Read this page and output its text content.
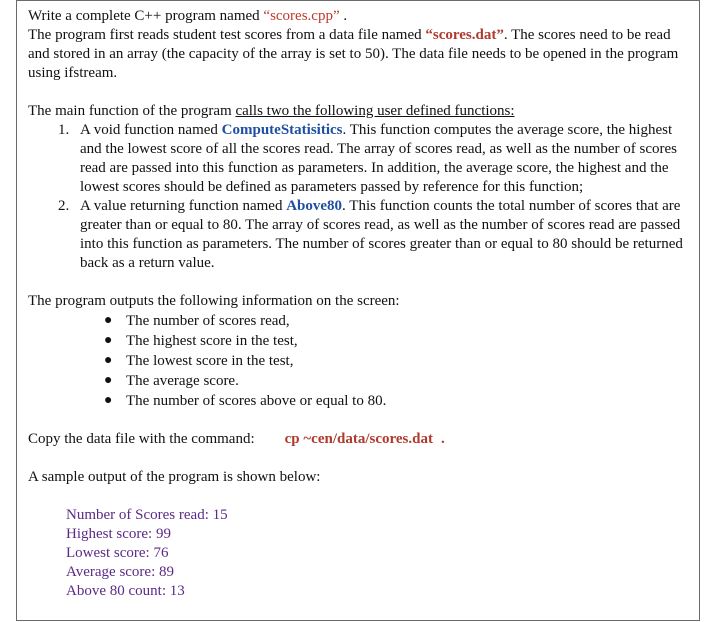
Write a complete C++ program named “scores.cpp” .
The program first reads student test scores from a data file named “scores.dat”. The scores need to be read and stored in an array (the capacity of the array is set to 50). The data file needs to be opened in the program using ifstream.

The main function of the program calls two the following user defined functions:

1. A void function named ComputeStatisitics. This function computes the average score, the highest and the lowest score of all the scores read. The array of scores read, as well as the number of scores read are passed into this function as parameters. In addition, the average score, the highest and the lowest scores should be defined as parameters passed by reference for this function;
2. A value returning function named Above80. This function counts the total number of scores that are greater than or equal to 80. The array of scores read, as well as the number of scores read are passed into this function as parameters. The number of scores greater than or equal to 80 should be returned back as a return value.

The program outputs the following information on the screen:

● The number of scores read,
● The highest score in the test,
● The lowest score in the test,
● The average score.
● The number of scores above or equal to 80.

Copy the data file with the command: cp ~cen/data/scores.dat .

A sample output of the program is shown below:

Number of Scores read: 15

Highest score: 99

Lowest score: 76

Average score: 89

Above 80 count: 13
